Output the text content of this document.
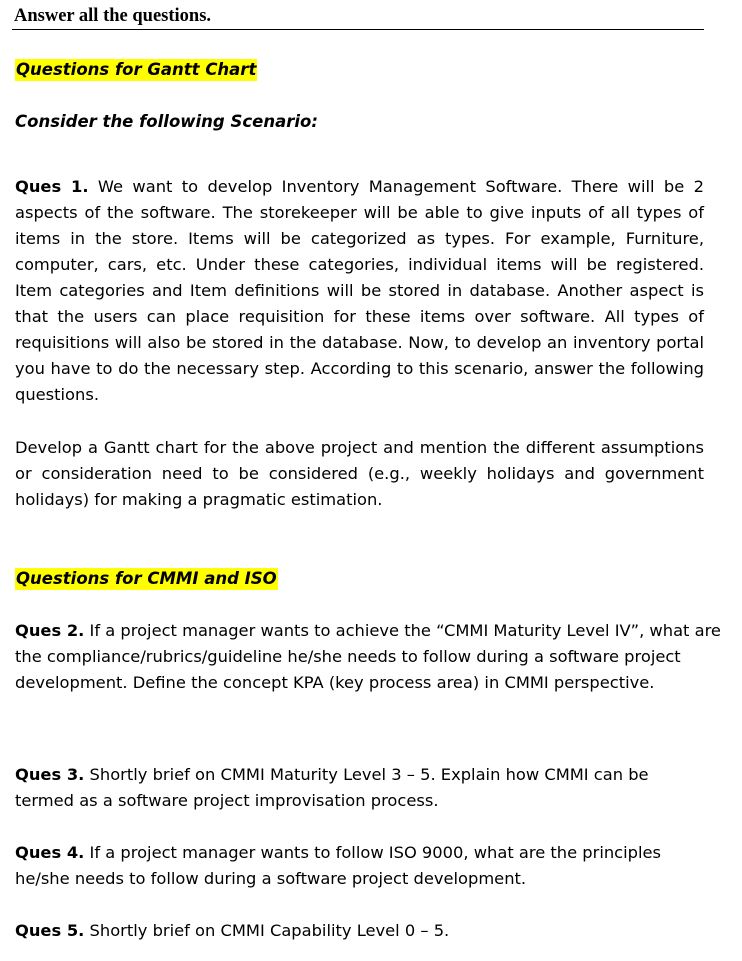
Answer all the questions.
Questions for Gantt Chart
Consider the following Scenario:
Ques 1. We want to develop Inventory Management Software. There will be 2 aspects of the software. The storekeeper will be able to give inputs of all types of items in the store. Items will be categorized as types. For example, Furniture, computer, cars, etc. Under these categories, individual items will be registered. Item categories and Item definitions will be stored in database. Another aspect is that the users can place requisition for these items over software. All types of requisitions will also be stored in the database. Now, to develop an inventory portal you have to do the necessary step. According to this scenario, answer the following questions.
Develop a Gantt chart for the above project and mention the different assumptions or consideration need to be considered (e.g., weekly holidays and government holidays) for making a pragmatic estimation.
Questions for CMMI and ISO
Ques 2. If a project manager wants to achieve the “CMMI Maturity Level IV”, what are the compliance/rubrics/guideline he/she needs to follow during a software project development. Define the concept KPA (key process area) in CMMI perspective.
Ques 3. Shortly brief on CMMI Maturity Level 3 – 5. Explain how CMMI can be termed as a software project improvisation process.
Ques 4. If a project manager wants to follow ISO 9000, what are the principles he/she needs to follow during a software project development.
Ques 5. Shortly brief on CMMI Capability Level 0 – 5.
